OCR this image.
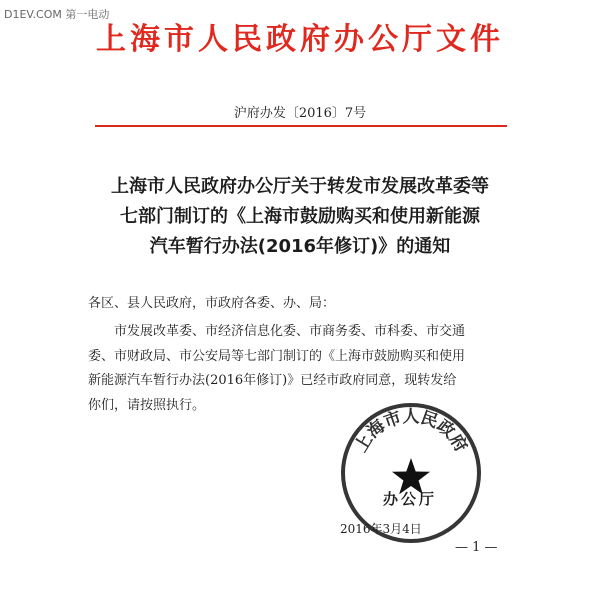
D1EV.COM 第一电动
上海市人民政府办公厅文件
沪府办发〔2016〕7号
上海市人民政府办公厅关于转发市发展改革委等
七部门制订的《上海市鼓励购买和使用新能源
汽车暂行办法(2016年修订)》的通知
各区、县人民政府，市政府各委、办、局：
市发展改革委、市经济信息化委、市商务委、市科委、市交通
委、市财政局、市公安局等七部门制订的《上海市鼓励购买和使用
新能源汽车暂行办法(2016年修订)》已经市政府同意，现转发给
你们，请按照执行。
上海市人民政府
办公厅
2016年3月4日
— 1 —
